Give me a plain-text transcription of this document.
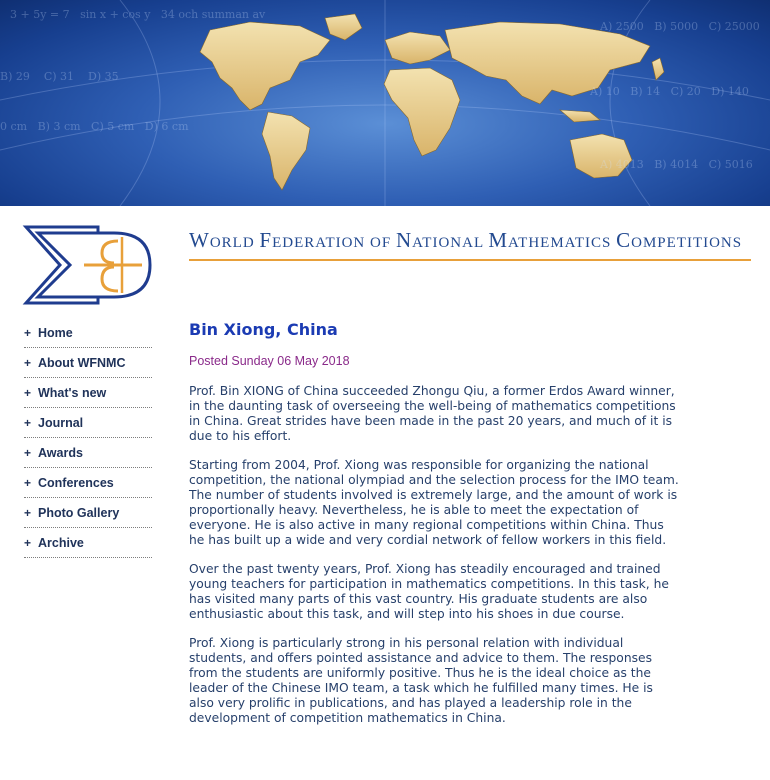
3 + 5y = 7   sin x + cos y   34 och summan av
B) 29    C) 31    D) 35
0 cm   B) 3 cm   C) 5 cm   D) 6 cm
A) 2500   B) 5000   C) 25000
A) 10   B) 14   C) 20   D) 140
A) 4013   B) 4014   C) 5016
WORLD FEDERATION OF NATIONAL MATHEMATICS COMPETITIONS
+ Home
+ About WFNMC
+ What's new
+ Journal
+ Awards
+ Conferences
+ Photo Gallery
+ Archive
Bin Xiong, China
Posted Sunday 06 May 2018

Prof. Bin XIONG of China succeeded Zhongu Qiu, a former Erdos Award winner, in the daunting task of overseeing the well-being of mathematics competitions in China. Great strides have been made in the past 20 years, and much of it is due to his effort.

Starting from 2004, Prof. Xiong was responsible for organizing the national competition, the national olympiad and the selection process for the IMO team. The number of students involved is extremely large, and the amount of work is proportionally heavy. Nevertheless, he is able to meet the expectation of everyone. He is also active in many regional competitions within China. Thus he has built up a wide and very cordial network of fellow workers in this field.

Over the past twenty years, Prof. Xiong has steadily encouraged and trained young teachers for participation in mathematics competitions. In this task, he has visited many parts of this vast country. His graduate students are also enthusiastic about this task, and will step into his shoes in due course.

Prof. Xiong is particularly strong in his personal relation with individual students, and offers pointed assistance and advice to them. The responses from the students are uniformly positive. Thus he is the ideal choice as the leader of the Chinese IMO team, a task which he fulfilled many times. He is also very prolific in publications, and has played a leadership role in the development of competition mathematics in China.
